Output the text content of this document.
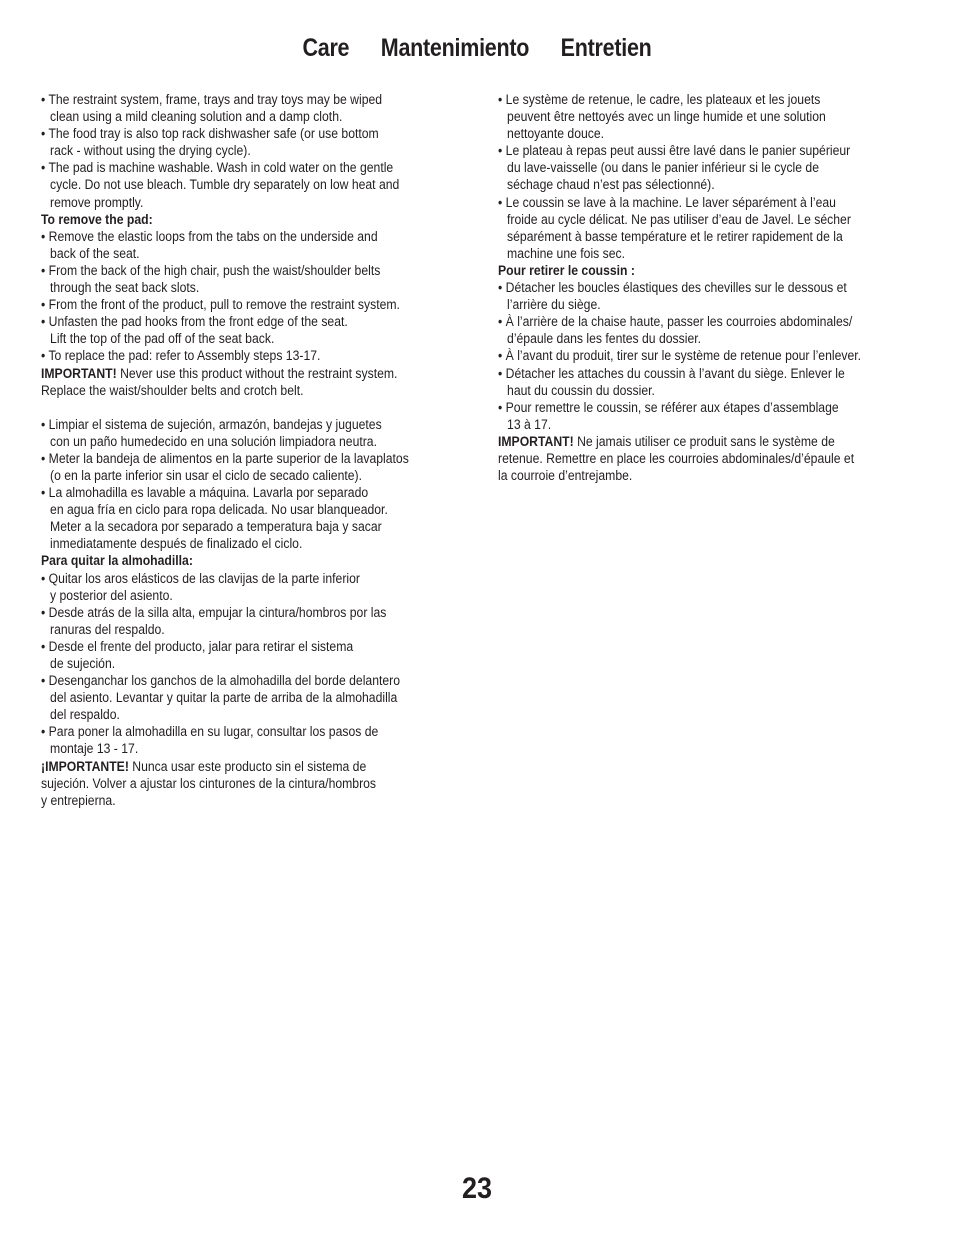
Care Mantenimiento Entretien
• The restraint system, frame, trays and tray toys may be wiped
clean using a mild cleaning solution and a damp cloth.
• The food tray is also top rack dishwasher safe (or use bottom
rack - without using the drying cycle).
• The pad is machine washable. Wash in cold water on the gentle
cycle. Do not use bleach. Tumble dry separately on low heat and
remove promptly.
To remove the pad:
• Remove the elastic loops from the tabs on the underside and
back of the seat.
• From the back of the high chair, push the waist/shoulder belts
through the seat back slots.
• From the front of the product, pull to remove the restraint system.
• Unfasten the pad hooks from the front edge of the seat.
Lift the top of the pad off of the seat back.
• To replace the pad: refer to Assembly steps 13-17.
IMPORTANT! Never use this product without the restraint system.
Replace the waist/shoulder belts and crotch belt.
• Limpiar el sistema de sujeción, armazón, bandejas y juguetes
con un paño humedecido en una solución limpiadora neutra.
• Meter la bandeja de alimentos en la parte superior de la lavaplatos
(o en la parte inferior sin usar el ciclo de secado caliente).
• La almohadilla es lavable a máquina. Lavarla por separado
en agua fría en ciclo para ropa delicada. No usar blanqueador.
Meter a la secadora por separado a temperatura baja y sacar
inmediatamente después de finalizado el ciclo.
Para quitar la almohadilla:
• Quitar los aros elásticos de las clavijas de la parte inferior
y posterior del asiento.
• Desde atrás de la silla alta, empujar la cintura/hombros por las
ranuras del respaldo.
• Desde el frente del producto, jalar para retirar el sistema
de sujeción.
• Desenganchar los ganchos de la almohadilla del borde delantero
del asiento. Levantar y quitar la parte de arriba de la almohadilla
del respaldo.
• Para poner la almohadilla en su lugar, consultar los pasos de
montaje 13 - 17.
¡IMPORTANTE! Nunca usar este producto sin el sistema de
sujeción. Volver a ajustar los cinturones de la cintura/hombros
y entrepierna.
• Le système de retenue, le cadre, les plateaux et les jouets
peuvent être nettoyés avec un linge humide et une solution
nettoyante douce.
• Le plateau à repas peut aussi être lavé dans le panier supérieur
du lave-vaisselle (ou dans le panier inférieur si le cycle de
séchage chaud n’est pas sélectionné).
• Le coussin se lave à la machine. Le laver séparément à l’eau
froide au cycle délicat. Ne pas utiliser d’eau de Javel. Le sécher
séparément à basse température et le retirer rapidement de la
machine une fois sec.
Pour retirer le coussin :
• Détacher les boucles élastiques des chevilles sur le dessous et
l’arrière du siège.
• À l’arrière de la chaise haute, passer les courroies abdominales/
d’épaule dans les fentes du dossier.
• À l’avant du produit, tirer sur le système de retenue pour l’enlever.
• Détacher les attaches du coussin à l’avant du siège. Enlever le
haut du coussin du dossier.
• Pour remettre le coussin, se référer aux étapes d’assemblage
13 à 17.
IMPORTANT! Ne jamais utiliser ce produit sans le système de
retenue. Remettre en place les courroies abdominales/d’épaule et
la courroie d’entrejambe.
23
